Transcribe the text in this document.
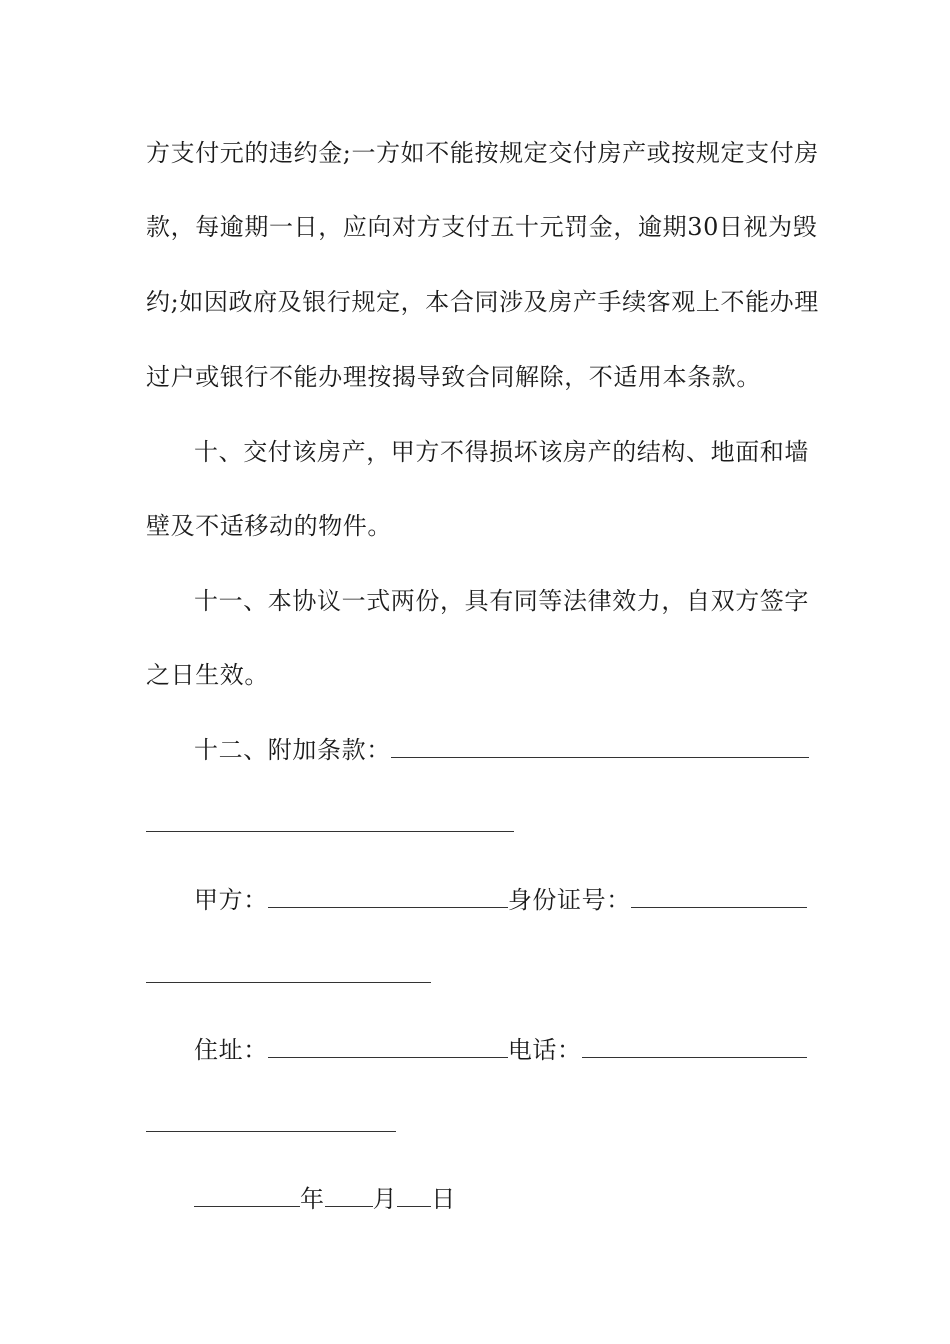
方支付元的违约金;一方如不能按规定交付房产或按规定支付房
款，每逾期一日，应向对方支付五十元罚金，逾期30日视为毁
约;如因政府及银行规定，本合同涉及房产手续客观上不能办理
过户或银行不能办理按揭导致合同解除，不适用本条款。
十、交付该房产，甲方不得损坏该房产的结构、地面和墙
壁及不适移动的物件。
十一、本协议一式两份，具有同等法律效力，自双方签字
之日生效。
十二、附加条款：
甲方：	身份证号：
住址：	电话：
年 月 日
